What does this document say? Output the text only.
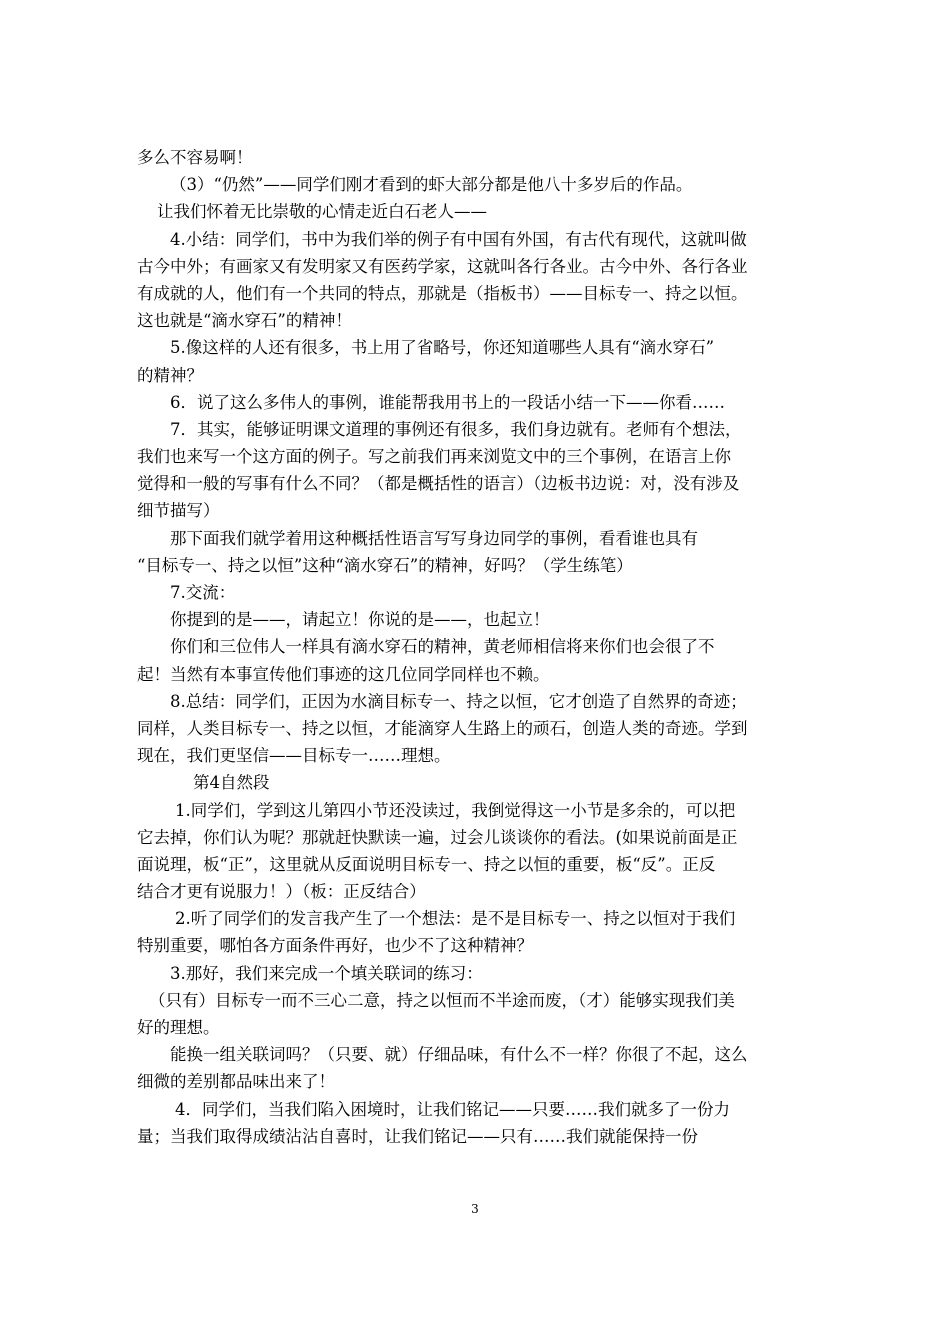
多么不容易啊！
（3）“仍然”——同学们刚才看到的虾大部分都是他八十多岁后的作品。
让我们怀着无比崇敬的心情走近白石老人——
4.小结：同学们，书中为我们举的例子有中国有外国，有古代有现代，这就叫做
古今中外；有画家又有发明家又有医药学家，这就叫各行各业。古今中外、各行各业
有成就的人，他们有一个共同的特点，那就是（指板书）——目标专一、持之以恒。
这也就是“滴水穿石”的精神！
5.像这样的人还有很多，书上用了省略号，你还知道哪些人具有“滴水穿石”
的精神？
6．说了这么多伟人的事例，谁能帮我用书上的一段话小结一下——你看……
7．其实，能够证明课文道理的事例还有很多，我们身边就有。老师有个想法，
我们也来写一个这方面的例子。写之前我们再来浏览文中的三个事例，在语言上你
觉得和一般的写事有什么不同？（都是概括性的语言）（边板书边说：对，没有涉及
细节描写）
那下面我们就学着用这种概括性语言写写身边同学的事例，看看谁也具有
“目标专一、持之以恒”这种“滴水穿石”的精神，好吗？（学生练笔）
7.交流：
你提到的是——，请起立！你说的是——，也起立！
你们和三位伟人一样具有滴水穿石的精神，黄老师相信将来你们也会很了不
起！当然有本事宣传他们事迹的这几位同学同样也不赖。
8.总结：同学们，正因为水滴目标专一、持之以恒，它才创造了自然界的奇迹；
同样，人类目标专一、持之以恒，才能滴穿人生路上的顽石，创造人类的奇迹。学到
现在，我们更坚信——目标专一……理想。
第4自然段
1.同学们，学到这儿第四小节还没读过，我倒觉得这一小节是多余的，可以把
它去掉，你们认为呢？那就赶快默读一遍，过会儿谈谈你的看法。(如果说前面是正
面说理，板“正”，这里就从反面说明目标专一、持之以恒的重要，板“反”。正反
结合才更有说服力！）（板：正反结合）
2.听了同学们的发言我产生了一个想法：是不是目标专一、持之以恒对于我们
特别重要，哪怕各方面条件再好，也少不了这种精神？
3.那好，我们来完成一个填关联词的练习：
（只有）目标专一而不三心二意，持之以恒而不半途而废，（才）能够实现我们美
好的理想。
能换一组关联词吗？（只要、就）仔细品味，有什么不一样？你很了不起，这么
细微的差别都品味出来了！
4．同学们，当我们陷入困境时，让我们铭记——只要……我们就多了一份力
量；当我们取得成绩沾沾自喜时，让我们铭记——只有……我们就能保持一份
3
